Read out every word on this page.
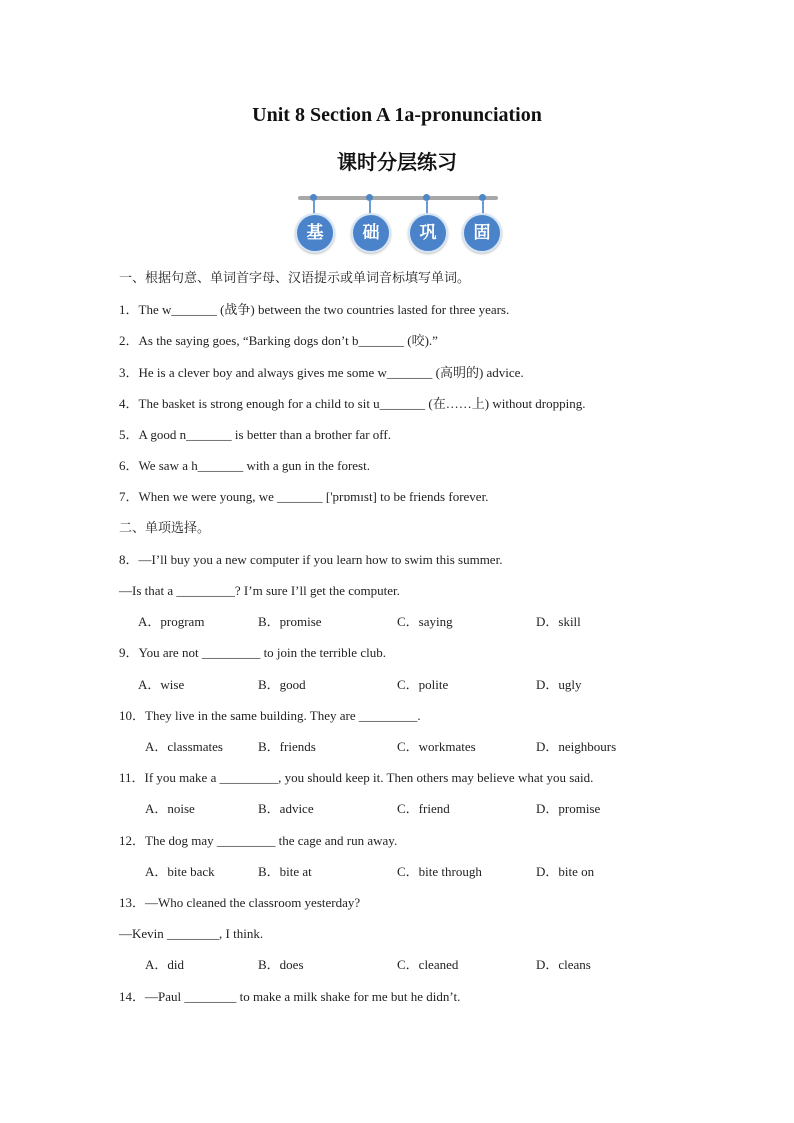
Unit 8 Section A 1a-pronunciation
课时分层练习
基	础	巩	固
一、根据句意、单词首字母、汉语提示或单词音标填写单词。
1．The w_______ (战争) between the two countries lasted for three years.
2．As the saying goes, “Barking dogs don’t b_______ (咬).”
3．He is a clever boy and always gives me some w_______ (高明的) advice.
4．The basket is strong enough for a child to sit u_______ (在……上) without dropping.
5．A good n_______ is better than a brother far off.
6．We saw a h_______ with a gun in the forest.
7．When we were young, we _______ ['prɒmɪst] to be friends forever.
二、单项选择。
8．—I’ll buy you a new computer if you learn how to swim this summer.
—Is that a _________? I’m sure I’ll get the computer.
A．program	B．promise	C．saying	D．skill
9．You are not _________ to join the terrible club.
A．wise	B．good	C．polite	D．ugly
10．They live in the same building. They are _________.
A．classmates	B．friends	C．workmates	D．neighbours
11．If you make a _________, you should keep it. Then others may believe what you said.
A．noise	B．advice	C．friend	D．promise
12．The dog may _________ the cage and run away.
A．bite back	B．bite at	C．bite through	D．bite on
13．—Who cleaned the classroom yesterday?
—Kevin ________, I think.
A．did	B．does	C．cleaned	D．cleans
14．—Paul ________ to make a milk shake for me but he didn’t.
